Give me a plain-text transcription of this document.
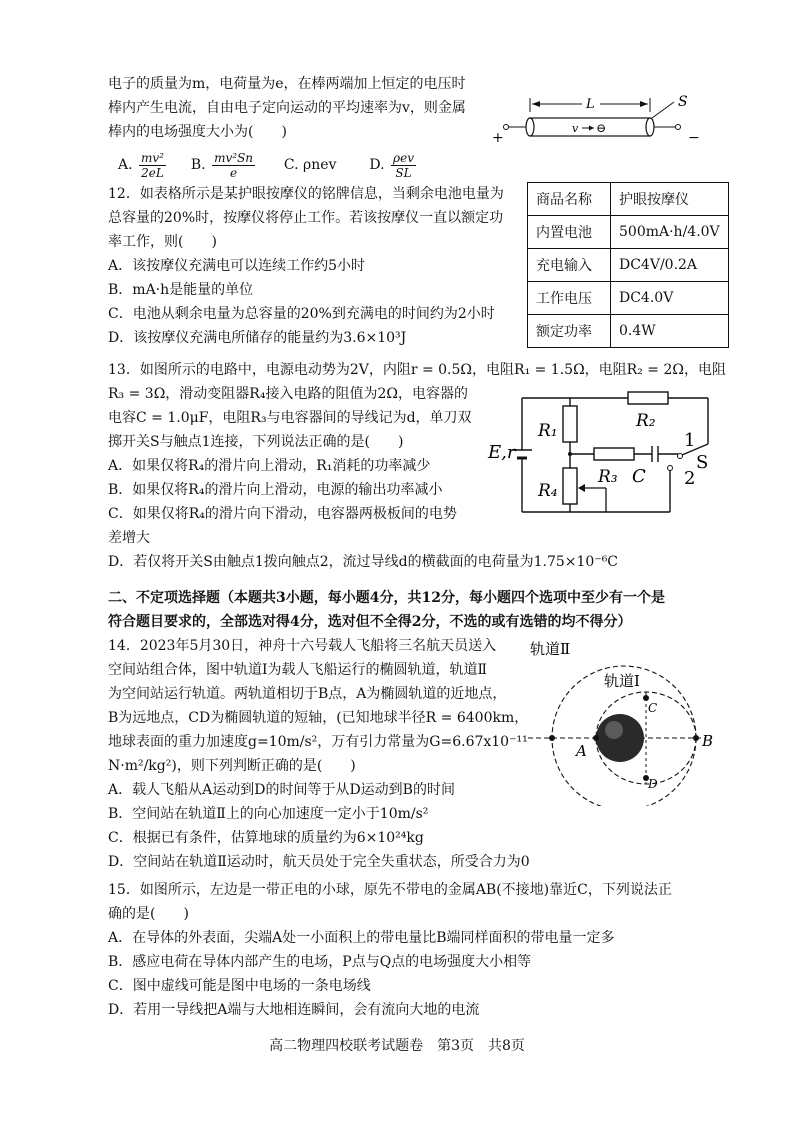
电子的质量为m，电荷量为e，在棒两端加上恒定的电压时
棒内产生电流，自由电子定向运动的平均速率为v，则金属
棒内的电场强度大小为(　　)
A. $\frac{\text{mv²}}{2eL} B$. $\frac{\text{mv²Sn}}{e} C$. ρnev D. $\frac{\text{ρev}}{SL}$
L
+	−
v ⊖
S
12．如表格所示是某护眼按摩仪的铭牌信息，当剩余电池电量为
总容量的20%时，按摩仪将停止工作。若该按摩仪一直以额定功
率工作，则(　　)
A．该按摩仪充满电可以连续工作约5小时
B．mA·h是能量的单位
C．电池从剩余电量为总容量的20%到充满电的时间约为2小时
D．该按摩仪充满电所储存的能量约为3.6×10³J
商品名称	护眼按摩仪
内置电池	500mA·h/4.0V
充电输入	DC4V/0.2A
工作电压	DC4.0V
额定功率	0.4W
13．如图所示的电路中，电源电动势为2V，内阻r = 0.5Ω，电阻R₁ = 1.5Ω，电阻R₂ = 2Ω，电阻
R₃ = 3Ω，滑动变阻器R₄接入电路的阻值为2Ω，电容器的
电容C = 1.0μF，电阻R₃与电容器间的导线记为d，单刀双
掷开关S与触点1连接，下列说法正确的是(　　)
A．如果仅将R₄的滑片向上滑动，R₁消耗的功率减少
B．如果仅将R₄的滑片向上滑动，电源的输出功率减小
C．如果仅将R₄的滑片向下滑动，电容器两极板间的电势
差增大
D．若仅将开关S由触点1拨向触点2，流过导线d的横截面的电荷量为1.75×10⁻⁶C
E,r
R₁	R₂
1
2
S
R₃ C
R₄
二、不定项选择题（本题共3小题，每小题4分，共12分，每小题四个选项中至少有一个是
符合题目要求的，全部选对得4分，选对但不全得2分，不选的或有选错的均不得分）
14．2023年5月30日，神舟十六号载人飞船将三名航天员送入
空间站组合体，图中轨道Ⅰ为载人飞船运行的椭圆轨道，轨道Ⅱ
为空间站运行轨道。两轨道相切于B点，A为椭圆轨道的近地点，
B为远地点，CD为椭圆轨道的短轴，(已知地球半径R = 6400km，
地球表面的重力加速度g=10m/s²，万有引力常量为G=6.67x10⁻¹¹
N·m²/kg²)，则下列判断正确的是(　　)
A．载人飞船从A运动到D的时间等于从D运动到B的时间
B．空间站在轨道Ⅱ上的向心加速度一定小于10m/s²
C．根据已有条件，估算地球的质量约为6×10²⁴kg
D．空间站在轨道Ⅱ运动时，航天员处于完全失重状态，所受合力为0
轨道Ⅱ
轨道Ⅰ
A
B
C
D
15．如图所示，左边是一带正电的小球，原先不带电的金属AB(不接地)靠近C，下列说法正
确的是(　　)
A．在导体的外表面，尖端A处一小面积上的带电量比B端同样面积的带电量一定多
B．感应电荷在导体内部产生的电场，P点与Q点的电场强度大小相等
C．图中虚线可能是图中电场的一条电场线
D．若用一导线把A端与大地相连瞬间，会有流向大地的电流
高二物理四校联考试题卷　第3页　共8页
